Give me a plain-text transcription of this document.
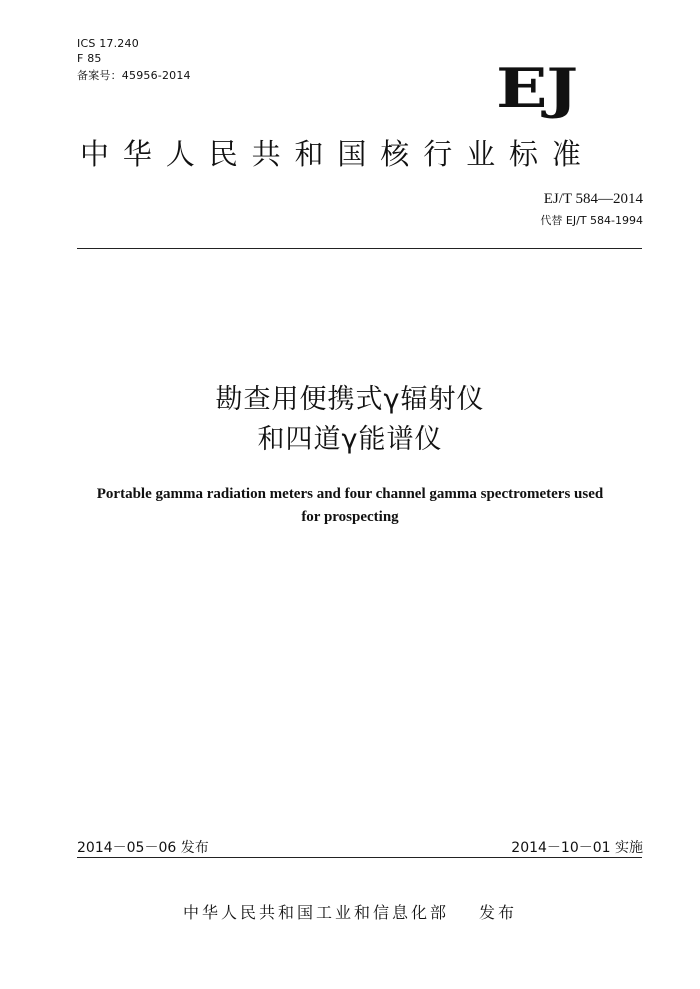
ICS 17.240
F 85
备案号：45956-2014	EJ
中华人民共和国核行业标准
EJ/T 584—2014
代替 EJ/T 584-1994
勘查用便携式γ辐射仪
和四道γ能谱仪
Portable gamma radiation meters and four channel gamma spectrometers used
for prospecting
2014－05－06 发布	2014－10－01 实施
中华人民共和国工业和信息化部 发布
